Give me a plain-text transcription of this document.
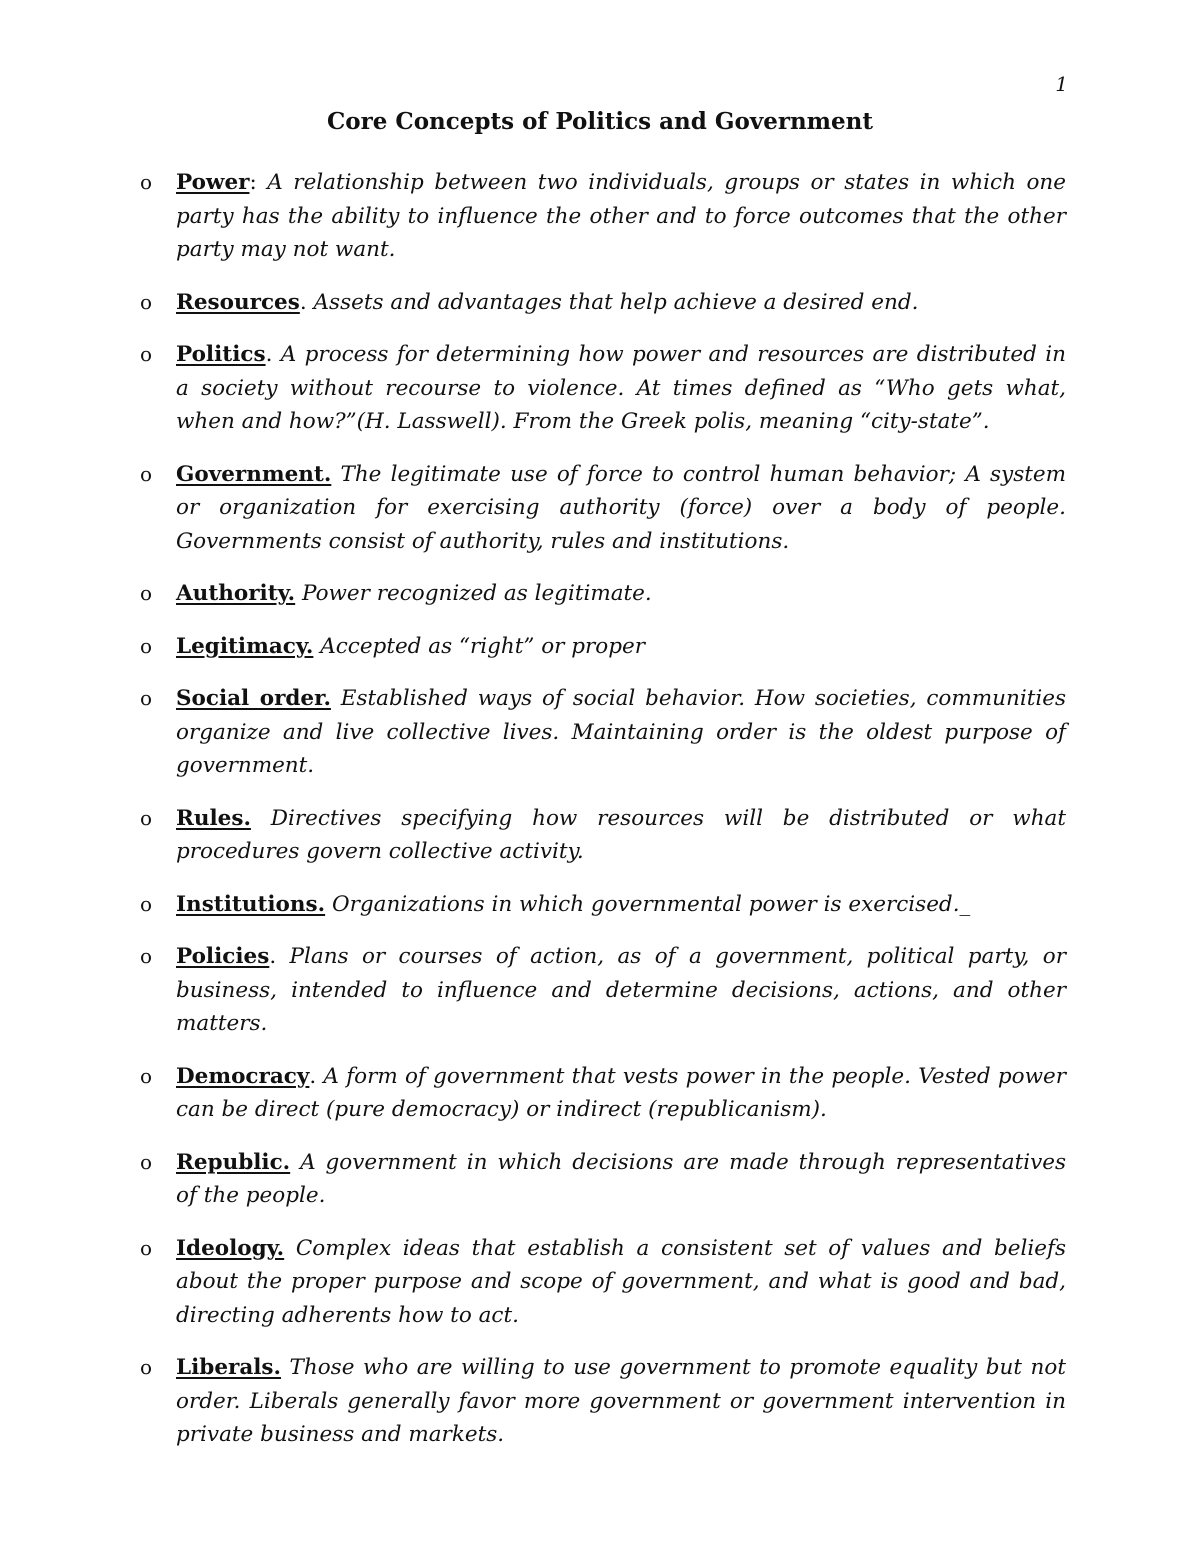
1
Core Concepts of Politics and Government
o Power: A relationship between two individuals, groups or states in which one party has the ability to influence the other and to force outcomes that the other party may not want.
o Resources. Assets and advantages that help achieve a desired end.
o Politics. A process for determining how power and resources are distributed in a society without recourse to violence. At times defined as “Who gets what, when and how?”(H. Lasswell). From the Greek polis, meaning “city-state”.
o Government. The legitimate use of force to control human behavior; A system or organization for exercising authority (force) over a body of people. Governments consist of authority, rules and institutions.
o Authority. Power recognized as legitimate.
o Legitimacy. Accepted as “right” or proper
o Social order. Established ways of social behavior. How societies, communities organize and live collective lives. Maintaining order is the oldest purpose of government.
o Rules. Directives specifying how resources will be distributed or what procedures govern collective activity.
o Institutions. Organizations in which governmental power is exercised._
o Policies. Plans or courses of action, as of a government, political party, or business, intended to influence and determine decisions, actions, and other matters.
o Democracy. A form of government that vests power in the people. Vested power can be direct (pure democracy) or indirect (republicanism).
o Republic. A government in which decisions are made through representatives of the people.
o Ideology. Complex ideas that establish a consistent set of values and beliefs about the proper purpose and scope of government, and what is good and bad, directing adherents how to act.
o Liberals. Those who are willing to use government to promote equality but not order. Liberals generally favor more government or government intervention in private business and markets.
